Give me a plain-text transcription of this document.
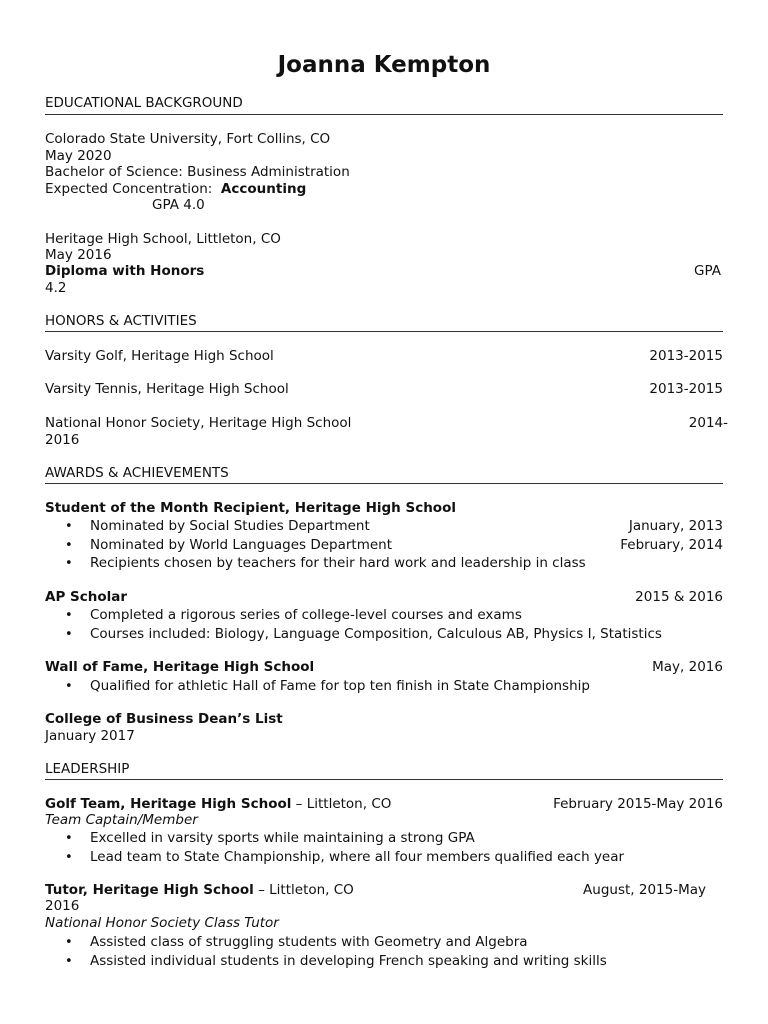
Joanna Kempton
EDUCATIONAL BACKGROUND
Colorado State University, Fort Collins, CO
May 2020
Bachelor of Science: Business Administration
Expected Concentration: Accounting
GPA 4.0
Heritage High School, Littleton, CO
May 2016
Diploma with Honors	GPA
4.2
HONORS & ACTIVITIES
Varsity Golf, Heritage High School	2013-2015
Varsity Tennis, Heritage High School	2013-2015
National Honor Society, Heritage High School	2014-
2016
AWARDS & ACHIEVEMENTS
Student of the Month Recipient, Heritage High School
• Nominated by Social Studies Department	January, 2013
• Nominated by World Languages Department	February, 2014
• Recipients chosen by teachers for their hard work and leadership in class
AP Scholar	2015 & 2016
• Completed a rigorous series of college-level courses and exams
• Courses included: Biology, Language Composition, Calculous AB, Physics I, Statistics
Wall of Fame, Heritage High School	May, 2016
• Qualified for athletic Hall of Fame for top ten finish in State Championship
College of Business Dean’s List
January 2017
LEADERSHIP
Golf Team, Heritage High School – Littleton, CO	February 2015-May 2016
Team Captain/Member
• Excelled in varsity sports while maintaining a strong GPA
• Lead team to State Championship, where all four members qualified each year
Tutor, Heritage High School – Littleton, CO	August, 2015-May
2016
National Honor Society Class Tutor
• Assisted class of struggling students with Geometry and Algebra
• Assisted individual students in developing French speaking and writing skills
